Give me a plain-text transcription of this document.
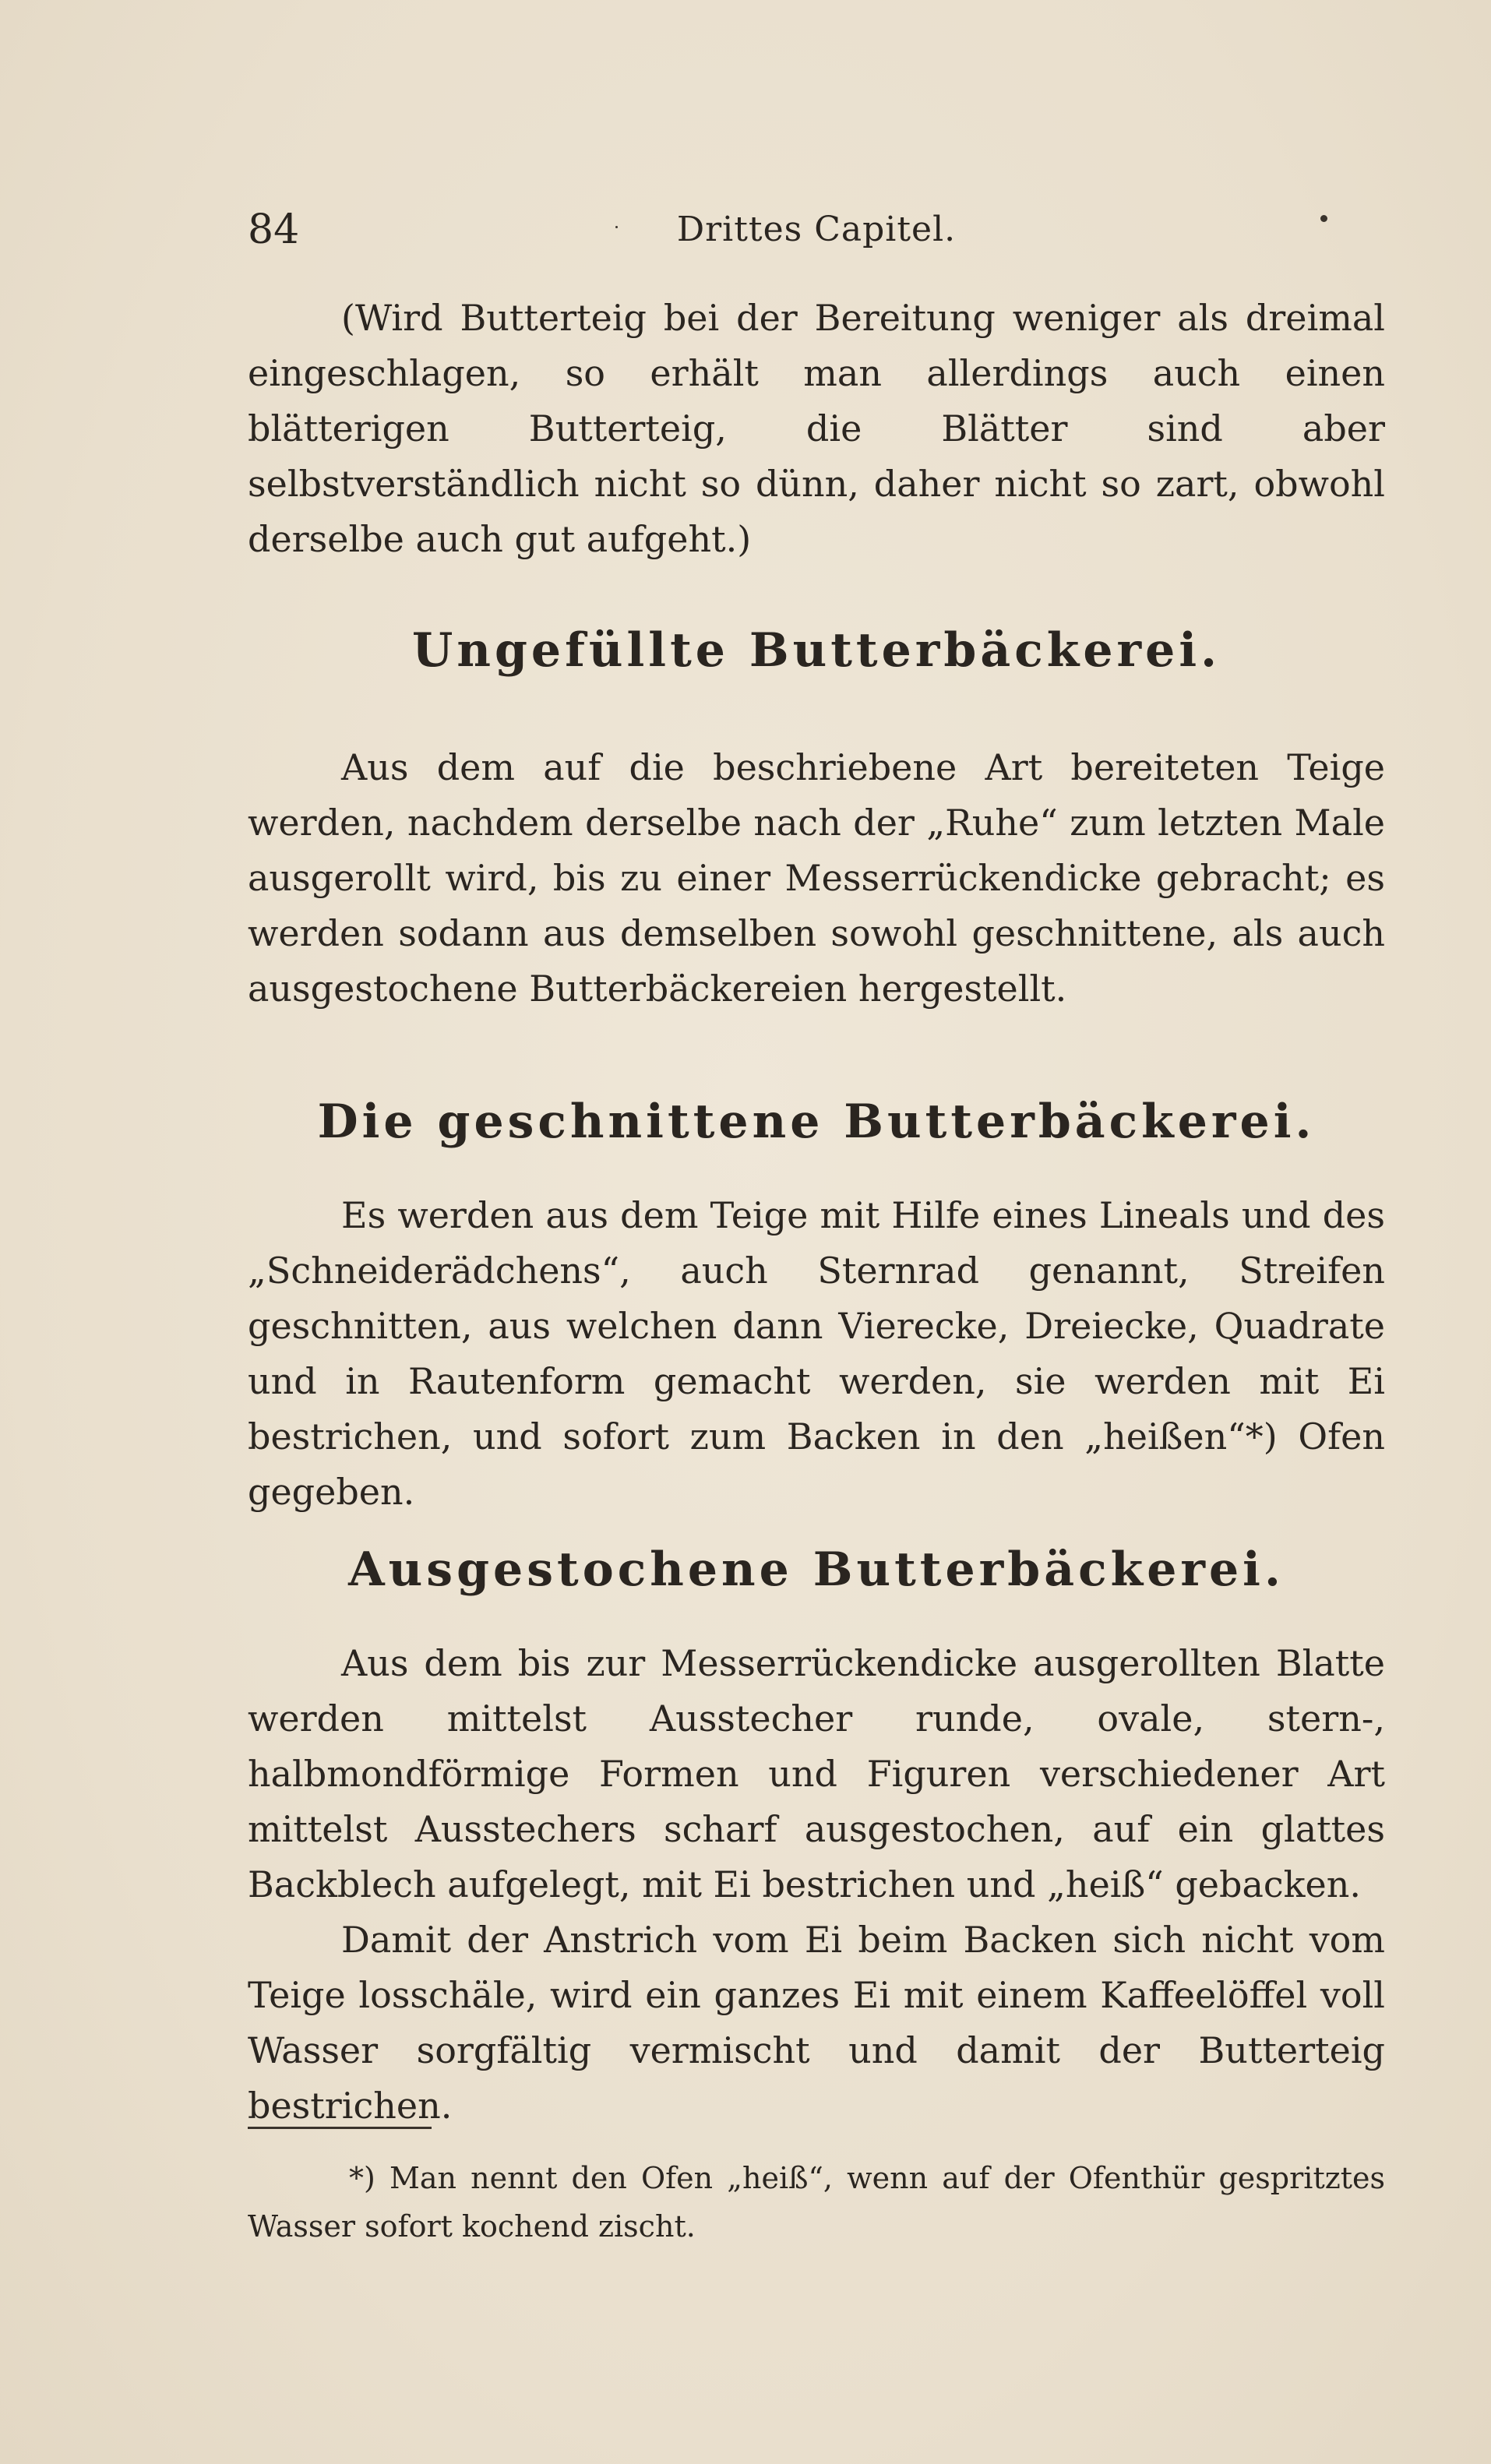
84	Drittes Capitel.

(Wird Butterteig bei der Bereitung weniger als dreimal eingeschlagen, so erhält man allerdings auch einen blätterigen Butterteig, die Blätter sind aber selbstverständlich nicht so dünn, daher nicht so zart, obwohl derselbe auch gut aufgeht.)

Ungefüllte Butterbäckerei.

Aus dem auf die beschriebene Art bereiteten Teige werden, nachdem derselbe nach der „Ruhe“ zum letzten Male ausgerollt wird, bis zu einer Messerrückendicke gebracht; es werden sodann aus demselben sowohl geschnittene, als auch ausgestochene Butterbäckereien hergestellt.

Die geschnittene Butterbäckerei.

Es werden aus dem Teige mit Hilfe eines Lineals und des „Schneiderädchens“, auch Sternrad genannt, Streifen geschnitten, aus welchen dann Vierecke, Dreiecke, Quadrate und in Rautenform gemacht werden, sie werden mit Ei bestrichen, und sofort zum Backen in den „heißen“*) Ofen gegeben.

Ausgestochene Butterbäckerei.

Aus dem bis zur Messerrückendicke ausgerollten Blatte werden mittelst Ausstecher runde, ovale, stern-, halbmondförmige Formen und Figuren verschiedener Art mittelst Ausstechers scharf ausgestochen, auf ein glattes Backblech aufgelegt, mit Ei bestrichen und „heiß“ gebacken.

Damit der Anstrich vom Ei beim Backen sich nicht vom Teige losschäle, wird ein ganzes Ei mit einem Kaffeelöffel voll Wasser sorgfältig vermischt und damit der Butterteig bestrichen.

*) Man nennt den Ofen „heiß“, wenn auf der Ofenthür gespritztes Wasser sofort kochend zischt.
